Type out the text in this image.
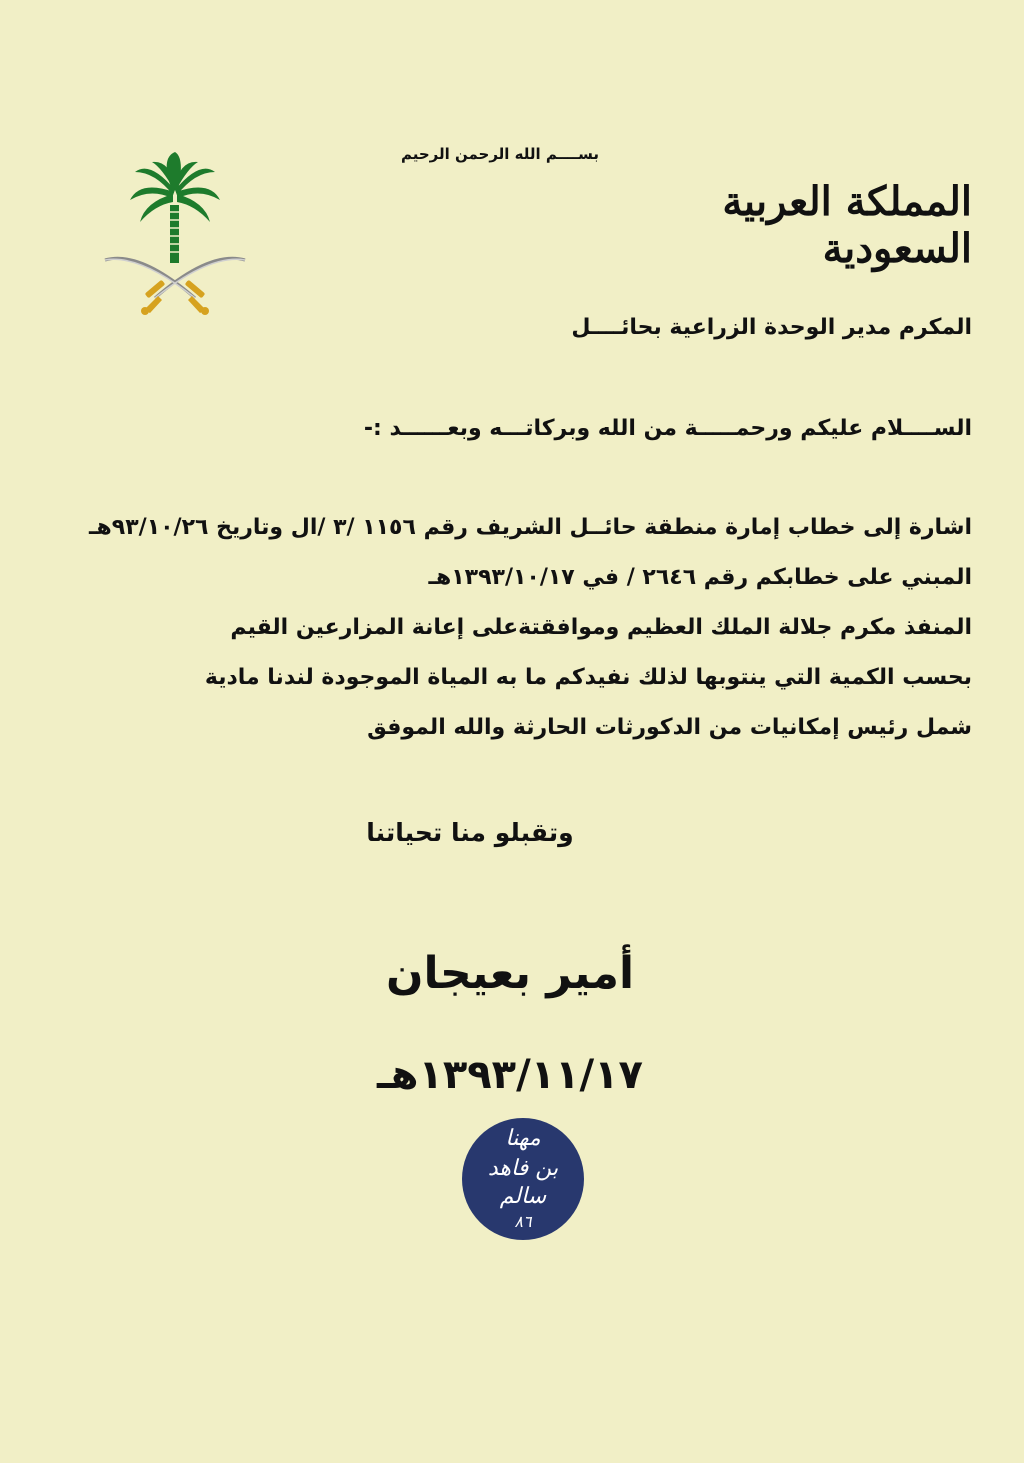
بســــم الله الرحمن الرحيم
المملكة العربية السعودية
المكرم مدير الوحدة الزراعية بحائــــل
الســــلام عليكم ورحمـــــة من الله وبركاتـــه وبعــــــد :-
اشارة إلى خطاب إمارة منطقة حائــل الشريف رقم ١١٥٦ /٣ /ال وتاريخ ٩٣/١٠/٢٦هـ
المبني على خطابكم رقم ٢٦٤٦ / في ١٣٩٣/١٠/١٧هـ
المنفذ مكرم جلالة الملك العظيم وموافقتةعلى إعانة المزارعين القيم
بحسب الكمية التي ينتوبها لذلك نفيدكم ما به المياة الموجودة لندنا مادية
شمل رئيس إمكانيات من الدكورثات الحارثة والله الموفق
وتقبلو منا تحياتنا
أمير بعيجان
١٣٩٣/١١/١٧هـ
مهنا
بن فاهد
سالم
٨٦
